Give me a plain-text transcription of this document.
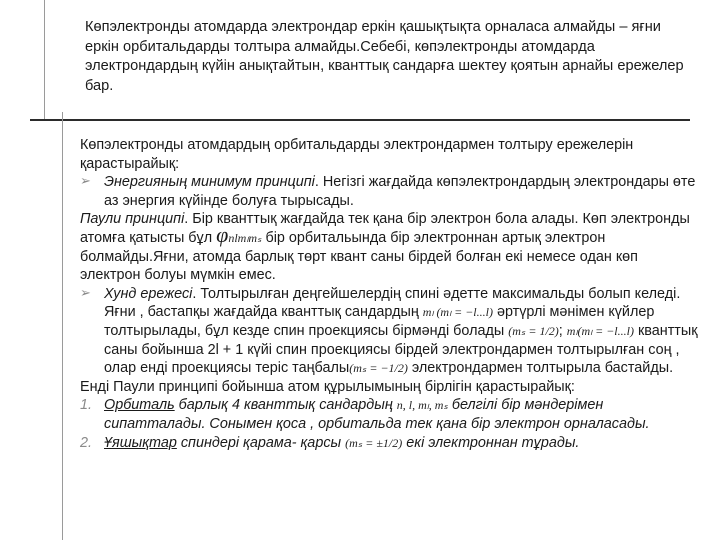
Көпэлектронды атомдарда электрондар еркін қашықтықта орналаса алмайды – яғни еркін орбитальдарды толтыра алмайды.Себебі, көпэлектронды атомдарда электрондардың күйін анықтайтын, кванттық сандарға шектеу қоятын арнайы ережелер бар.
Көпэлектронды атомдардың орбитальдарды электрондармен толтыру ережелерін қарастырайық:
➢ Энергияның минимум принципі. Негізгі жағдайда көпэлектрондардың электрондары өте аз энергия күйінде болуға тырысады.
Паули принципі. Бір кванттық жағдайда тек қана бір электрон бола алады. Көп электронды атомға қатысты бұл φnlmₗmₛ бір орбитальында бір электроннан артық электрон болмайды.Яғни, атомда барлық төрт квант саны бірдей болған екі немесе одан көп электрон болуы мүмкін емес.
➢ Хунд ережесі. Толтырылған деңгейшелердің спині әдетте максимальды болып келеді. Яғни , бастапқы жағдайда кванттық сандардың mₗ (mₗ = −l...l) әртүрлі мәнімен күйлер толтырылады, бұл кезде спин проекциясы бірмәнді болады (mₛ = 1/2); mₗ(mₗ = −l...l) кванттық саны бойынша 2l + 1 күйі спин проекциясы бірдей электрондармен толтырылған соң , олар енді проекциясы теріс таңбалы(mₛ = −1/2) электрондармен толтырыла бастайды.
Енді Паули принципі бойынша атом құрылымының бірлігін қарастырайық:
1. Орбиталь барлық 4 кванттық сандардың n, l, mₗ, mₛ белгілі бір мәндерімен сипатталады. Сонымен қоса , орбитальда тек қана бір электрон орналасады.
2. Ұяшықтар спиндері қарама- қарсы (mₛ = ±1/2) екі электроннан тұрады.
